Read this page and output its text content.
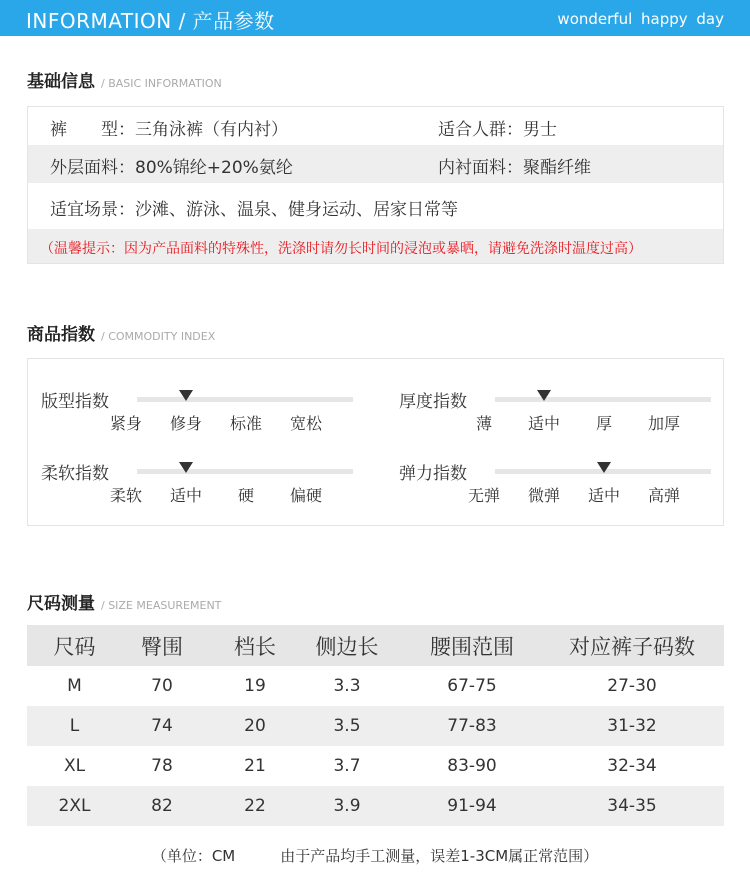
INFORMATION / 产品参数	wonderful happy day
基础信息 / BASIC INFORMATION
裤　　型：三角泳裤（有内衬）	适合人群：男士
外层面料：80%锦纶+20%氨纶	内衬面料：聚酯纤维
适宜场景：沙滩、游泳、温泉、健身运动、居家日常等
（温馨提示：因为产品面料的特殊性，洗涤时请勿长时间的浸泡或暴晒，请避免洗涤时温度过高）
商品指数 / COMMODITY INDEX
版型指数
紧身	修身	标准	宽松
厚度指数
薄	适中	厚	加厚
柔软指数
柔软	适中	硬	偏硬
弹力指数
无弹	微弹	适中	高弹
尺码测量 / SIZE MEASUREMENT
尺码	臀围	档长	侧边长	腰围范围	对应裤子码数
M	70	19	3.3	67-75	27-30
L	74	20	3.5	77-83	31-32
XL	78	21	3.7	83-90	32-34
2XL	82	22	3.9	91-94	34-35
（单位：CM　　　由于产品均手工测量，误差1-3CM属正常范围）
